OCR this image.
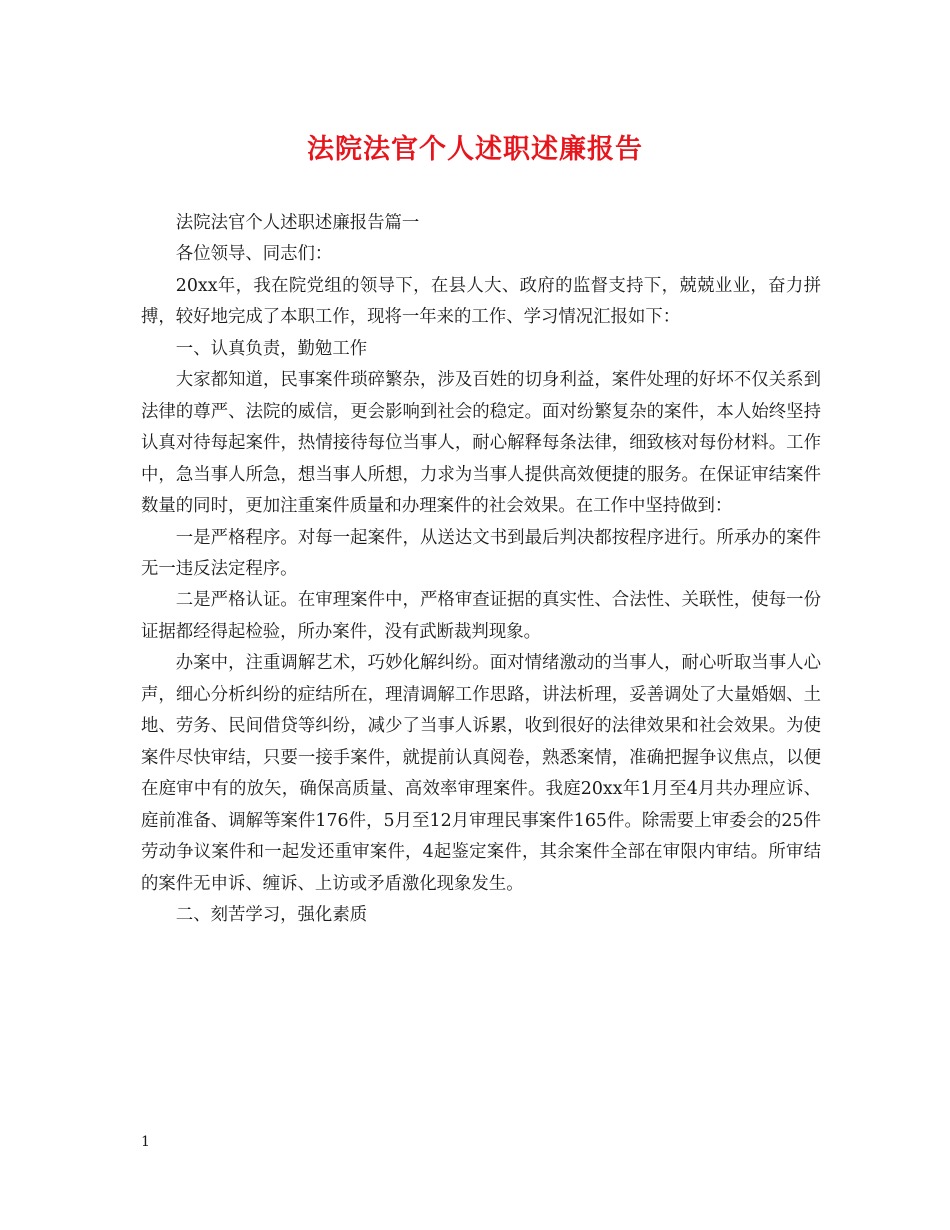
法院法官个人述职述廉报告

法院法官个人述职述廉报告篇一

各位领导、同志们：

20xx年，我在院党组的领导下，在县人大、政府的监督支持下，兢兢业业，奋力拼搏，较好地完成了本职工作，现将一年来的工作、学习情况汇报如下：

一、认真负责，勤勉工作

大家都知道，民事案件琐碎繁杂，涉及百姓的切身利益，案件处理的好坏不仅关系到法律的尊严、法院的威信，更会影响到社会的稳定。面对纷繁复杂的案件，本人始终坚持认真对待每起案件，热情接待每位当事人，耐心解释每条法律，细致核对每份材料。工作中，急当事人所急，想当事人所想，力求为当事人提供高效便捷的服务。在保证审结案件数量的同时，更加注重案件质量和办理案件的社会效果。在工作中坚持做到：

一是严格程序。对每一起案件，从送达文书到最后判决都按程序进行。所承办的案件无一违反法定程序。

二是严格认证。在审理案件中，严格审查证据的真实性、合法性、关联性，使每一份证据都经得起检验，所办案件，没有武断裁判现象。

办案中，注重调解艺术，巧妙化解纠纷。面对情绪激动的当事人，耐心听取当事人心声，细心分析纠纷的症结所在，理清调解工作思路，讲法析理，妥善调处了大量婚姻、土地、劳务、民间借贷等纠纷，减少了当事人诉累，收到很好的法律效果和社会效果。为使案件尽快审结，只要一接手案件，就提前认真阅卷，熟悉案情，准确把握争议焦点，以便在庭审中有的放矢，确保高质量、高效率审理案件。我庭20xx年1月至4月共办理应诉、庭前准备、调解等案件176件，5月至12月审理民事案件165件。除需要上审委会的25件劳动争议案件和一起发还重审案件，4起鉴定案件，其余案件全部在审限内审结。所审结的案件无申诉、缠诉、上访或矛盾激化现象发生。

二、刻苦学习，强化素质

1
